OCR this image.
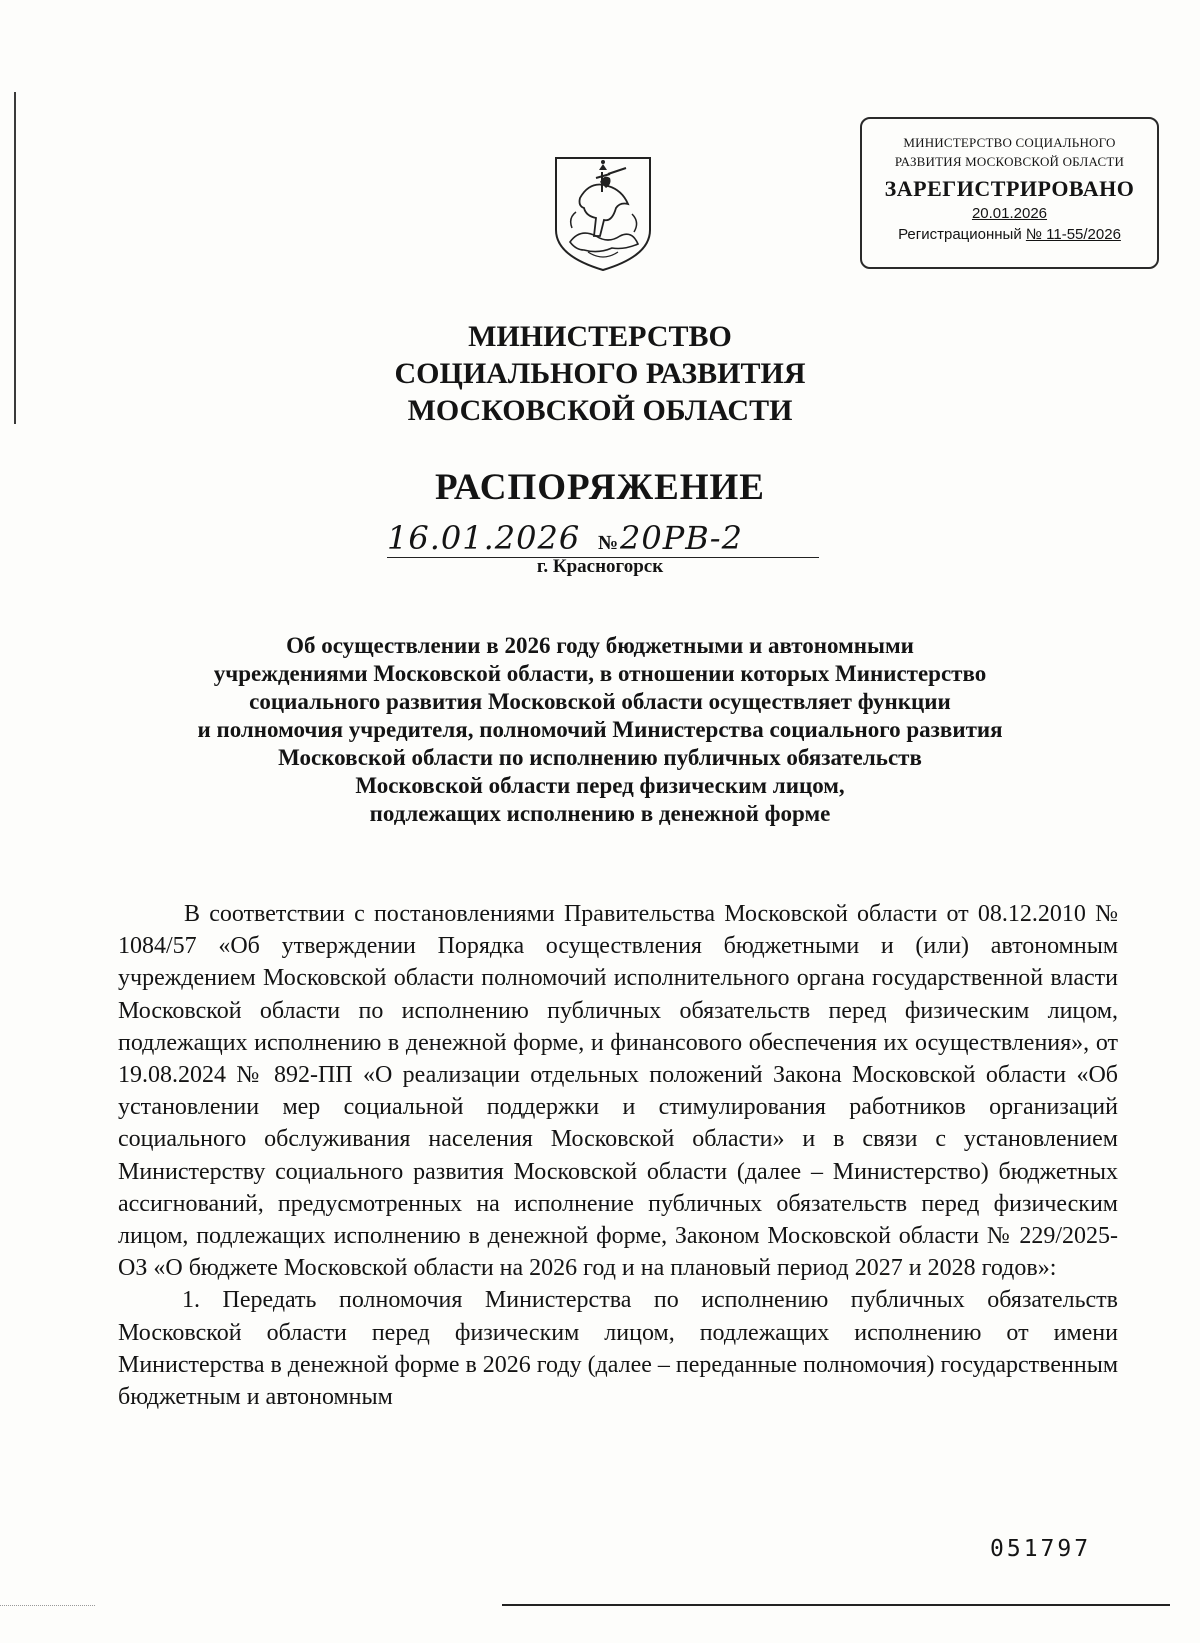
МИНИСТЕРСТВО СОЦИАЛЬНОГО
РАЗВИТИЯ МОСКОВСКОЙ ОБЛАСТИ
ЗАРЕГИСТРИРОВАНО
20.01.2026
Регистрационный № 11-55/2026
МИНИСТЕРСТВО
СОЦИАЛЬНОГО РАЗВИТИЯ
МОСКОВСКОЙ ОБЛАСТИ
РАСПОРЯЖЕНИЕ
16.01.2026 № 20РВ-2
г. Красногорск
Об осуществлении в 2026 году бюджетными и автономными
учреждениями Московской области, в отношении которых Министерство
социального развития Московской области осуществляет функции
и полномочия учредителя, полномочий Министерства социального развития
Московской области по исполнению публичных обязательств
Московской области перед физическим лицом,
подлежащих исполнению в денежной форме

В соответствии с постановлениями Правительства Московской области от 08.12.2010 № 1084/57 «Об утверждении Порядка осуществления бюджетными и (или) автономным учреждением Московской области полномочий исполнительного органа государственной власти Московской области по исполнению публичных обязательств перед физическим лицом, подлежащих исполнению в денежной форме, и финансового обеспечения их осуществления», от 19.08.2024 № 892-ПП «О реализации отдельных положений Закона Московской области «Об установлении мер социальной поддержки и стимулирования работников организаций социального обслуживания населения Московской области» и в связи с установлением Министерству социального развития Московской области (далее – Министерство) бюджетных ассигнований, предусмотренных на исполнение публичных обязательств перед физическим лицом, подлежащих исполнению в денежной форме, Законом Московской области № 229/2025-ОЗ «О бюджете Московской области на 2026 год и на плановый период 2027 и 2028 годов»:

1. Передать полномочия Министерства по исполнению публичных обязательств Московской области перед физическим лицом, подлежащих исполнению от имени Министерства в денежной форме в 2026 году (далее – переданные полномочия) государственным бюджетным и автономным

051797
